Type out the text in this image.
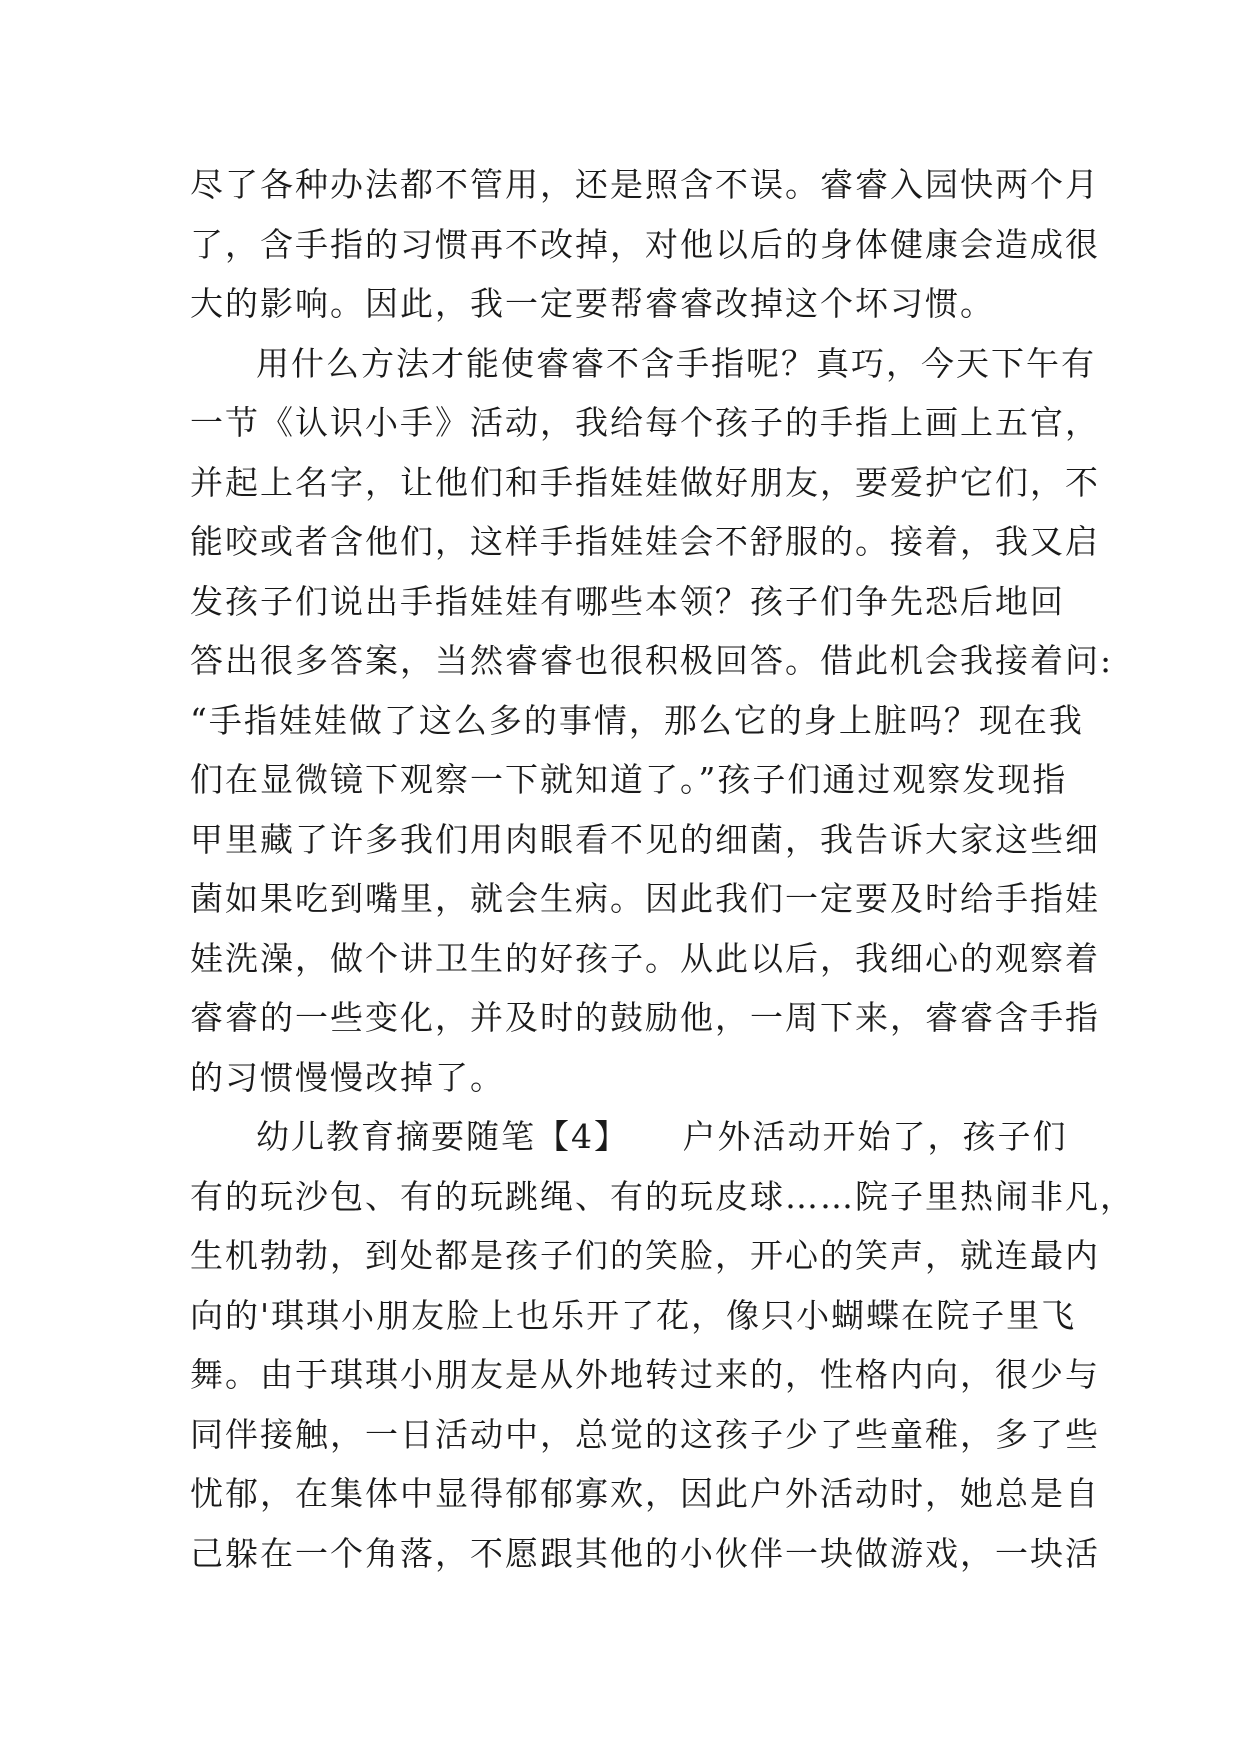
尽了各种办法都不管用，还是照含不误。睿睿入园快两个月
了，含手指的习惯再不改掉，对他以后的身体健康会造成很
大的影响。因此，我一定要帮睿睿改掉这个坏习惯。
用什么方法才能使睿睿不含手指呢？真巧，今天下午有
一节《认识小手》活动，我给每个孩子的手指上画上五官，
并起上名字，让他们和手指娃娃做好朋友，要爱护它们，不
能咬或者含他们，这样手指娃娃会不舒服的。接着，我又启
发孩子们说出手指娃娃有哪些本领？孩子们争先恐后地回
答出很多答案，当然睿睿也很积极回答。借此机会我接着问:
“手指娃娃做了这么多的事情，那么它的身上脏吗？现在我
们在显微镜下观察一下就知道了。”孩子们通过观察发现指
甲里藏了许多我们用肉眼看不见的细菌，我告诉大家这些细
菌如果吃到嘴里，就会生病。因此我们一定要及时给手指娃
娃洗澡，做个讲卫生的好孩子。从此以后，我细心的观察着
睿睿的一些变化，并及时的鼓励他，一周下来，睿睿含手指
的习惯慢慢改掉了。
幼儿教育摘要随笔【4】　　户外活动开始了，孩子们
有的玩沙包、有的玩跳绳、有的玩皮球……院子里热闹非凡，
生机勃勃，到处都是孩子们的笑脸，开心的笑声，就连最内
向的'琪琪小朋友脸上也乐开了花，像只小蝴蝶在院子里飞
舞。由于琪琪小朋友是从外地转过来的，性格内向，很少与
同伴接触，一日活动中，总觉的这孩子少了些童稚，多了些
忧郁，在集体中显得郁郁寡欢，因此户外活动时，她总是自
己躲在一个角落，不愿跟其他的小伙伴一块做游戏，一块活
